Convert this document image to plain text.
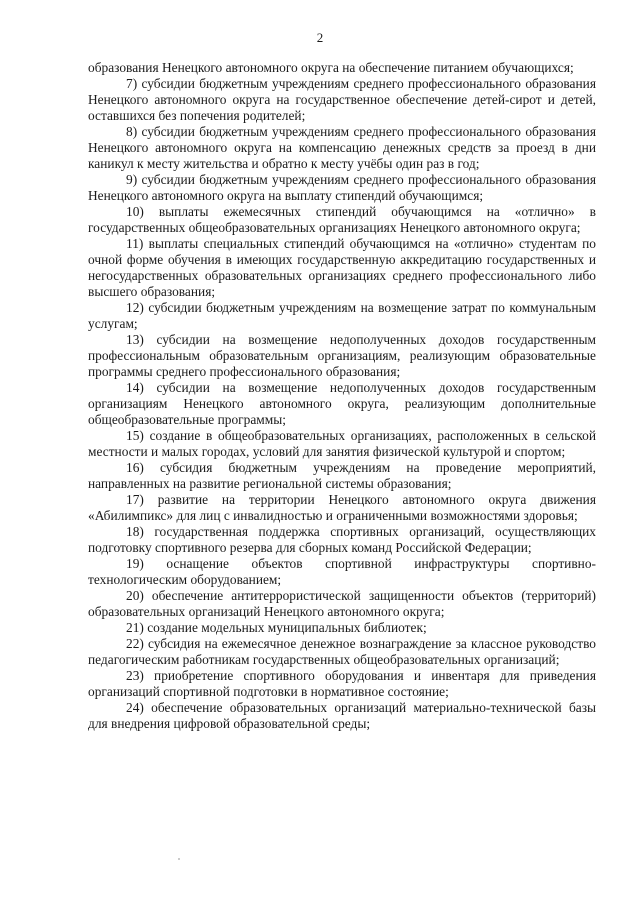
2

образования Ненецкого автономного округа на обеспечение питанием обучающихся;

7) субсидии бюджетным учреждениям среднего профессионального образования Ненецкого автономного округа на государственное обеспечение детей-сирот и детей, оставшихся без попечения родителей;

8) субсидии бюджетным учреждениям среднего профессионального образования Ненецкого автономного округа на компенсацию денежных средств за проезд в дни каникул к месту жительства и обратно к месту учёбы один раз в год;

9) субсидии бюджетным учреждениям среднего профессионального образования Ненецкого автономного округа на выплату стипендий обучающимся;

10) выплаты ежемесячных стипендий обучающимся на «отлично» в государственных общеобразовательных организациях Ненецкого автономного округа;

11) выплаты специальных стипендий обучающимся на «отлично» студентам по очной форме обучения в имеющих государственную аккредитацию государственных и негосударственных образовательных организациях среднего профессионального либо высшего образования;

12) субсидии бюджетным учреждениям на возмещение затрат по коммунальным услугам;

13) субсидии на возмещение недополученных доходов государственным профессиональным образовательным организациям, реализующим образовательные программы среднего профессионального образования;

14) субсидии на возмещение недополученных доходов государственным организациям Ненецкого автономного округа, реализующим дополнительные общеобразовательные программы;

15) создание в общеобразовательных организациях, расположенных в сельской местности и малых городах, условий для занятия физической культурой и спортом;

16) субсидия бюджетным учреждениям на проведение мероприятий, направленных на развитие региональной системы образования;

17) развитие на территории Ненецкого автономного округа движения «Абилимпикс» для лиц с инвалидностью и ограниченными возможностями здоровья;

18) государственная поддержка спортивных организаций, осуществляющих подготовку спортивного резерва для сборных команд Российской Федерации;

19) оснащение объектов спортивной инфраструктуры спортивно-технологическим оборудованием;

20) обеспечение антитеррористической защищенности объектов (территорий) образовательных организаций Ненецкого автономного округа;

21) создание модельных муниципальных библиотек;

22) субсидия на ежемесячное денежное вознаграждение за классное руководство педагогическим работникам государственных общеобразовательных организаций;

23) приобретение спортивного оборудования и инвентаря для приведения организаций спортивной подготовки в нормативное состояние;

24) обеспечение образовательных организаций материально-технической базы для внедрения цифровой образовательной среды;
